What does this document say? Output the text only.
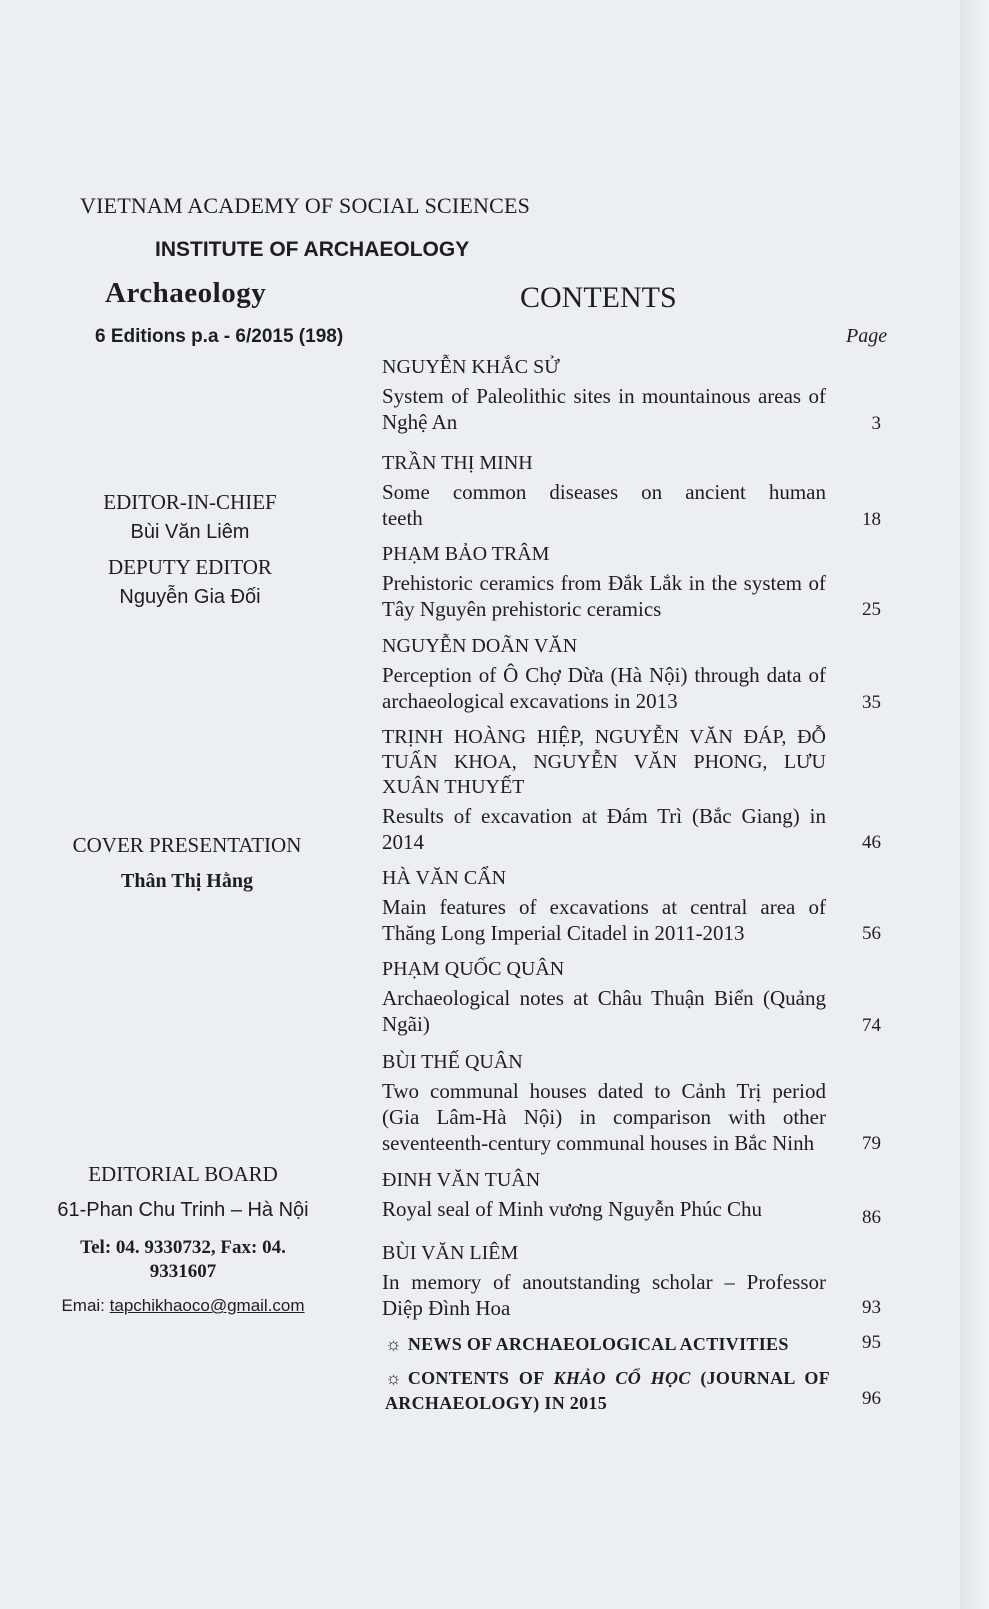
VIETNAM ACADEMY OF SOCIAL SCIENCES
INSTITUTE OF ARCHAEOLOGY
Archaeology
6 Editions p.a - 6/2015 (198)
CONTENTS
Page
EDITOR-IN-CHIEF
Bùi Văn Liêm
DEPUTY EDITOR
Nguyễn Gia Đối
COVER PRESENTATION
Thân Thị Hằng
EDITORIAL BOARD
61-Phan Chu Trinh – Hà Nội
Tel: 04. 9330732, Fax: 04. 9331607
Emai: tapchikhaoco@gmail.com
NGUYỄN KHẮC SỬ
System of Paleolithic sites in mountainous areas of Nghệ An	3
TRẦN THỊ MINH
Some common diseases on ancient human teeth	18
PHẠM BẢO TRÂM
Prehistoric ceramics from Đắk Lắk in the system of Tây Nguyên prehistoric ceramics	25
NGUYỄN DOÃN VĂN
Perception of Ô Chợ Dừa (Hà Nội) through data of archaeological excavations in 2013	35
TRỊNH HOÀNG HIỆP, NGUYỄN VĂN ĐÁP, ĐỖ TUẤN KHOA, NGUYỄN VĂN PHONG, LƯU XUÂN THUYẾT
Results of excavation at Đám Trì (Bắc Giang) in 2014	46
HÀ VĂN CẨN
Main features of excavations at central area of Thăng Long Imperial Citadel in 2011-2013	56
PHẠM QUỐC QUÂN
Archaeological notes at Châu Thuận Biển (Quảng Ngãi)	74
BÙI THẾ QUÂN
Two communal houses dated to Cảnh Trị period (Gia Lâm-Hà Nội) in comparison with other seventeenth-century communal houses in Bắc Ninh	79
ĐINH VĂN TUÂN
Royal seal of Minh vương Nguyễn Phúc Chu	86
BÙI VĂN LIÊM
In memory of anoutstanding scholar – Professor Diệp Đình Hoa	93
☼ NEWS OF ARCHAEOLOGICAL ACTIVITIES	95
☼ CONTENTS OF KHẢO CỔ HỌC (JOURNAL OF ARCHAEOLOGY) IN 2015	96
